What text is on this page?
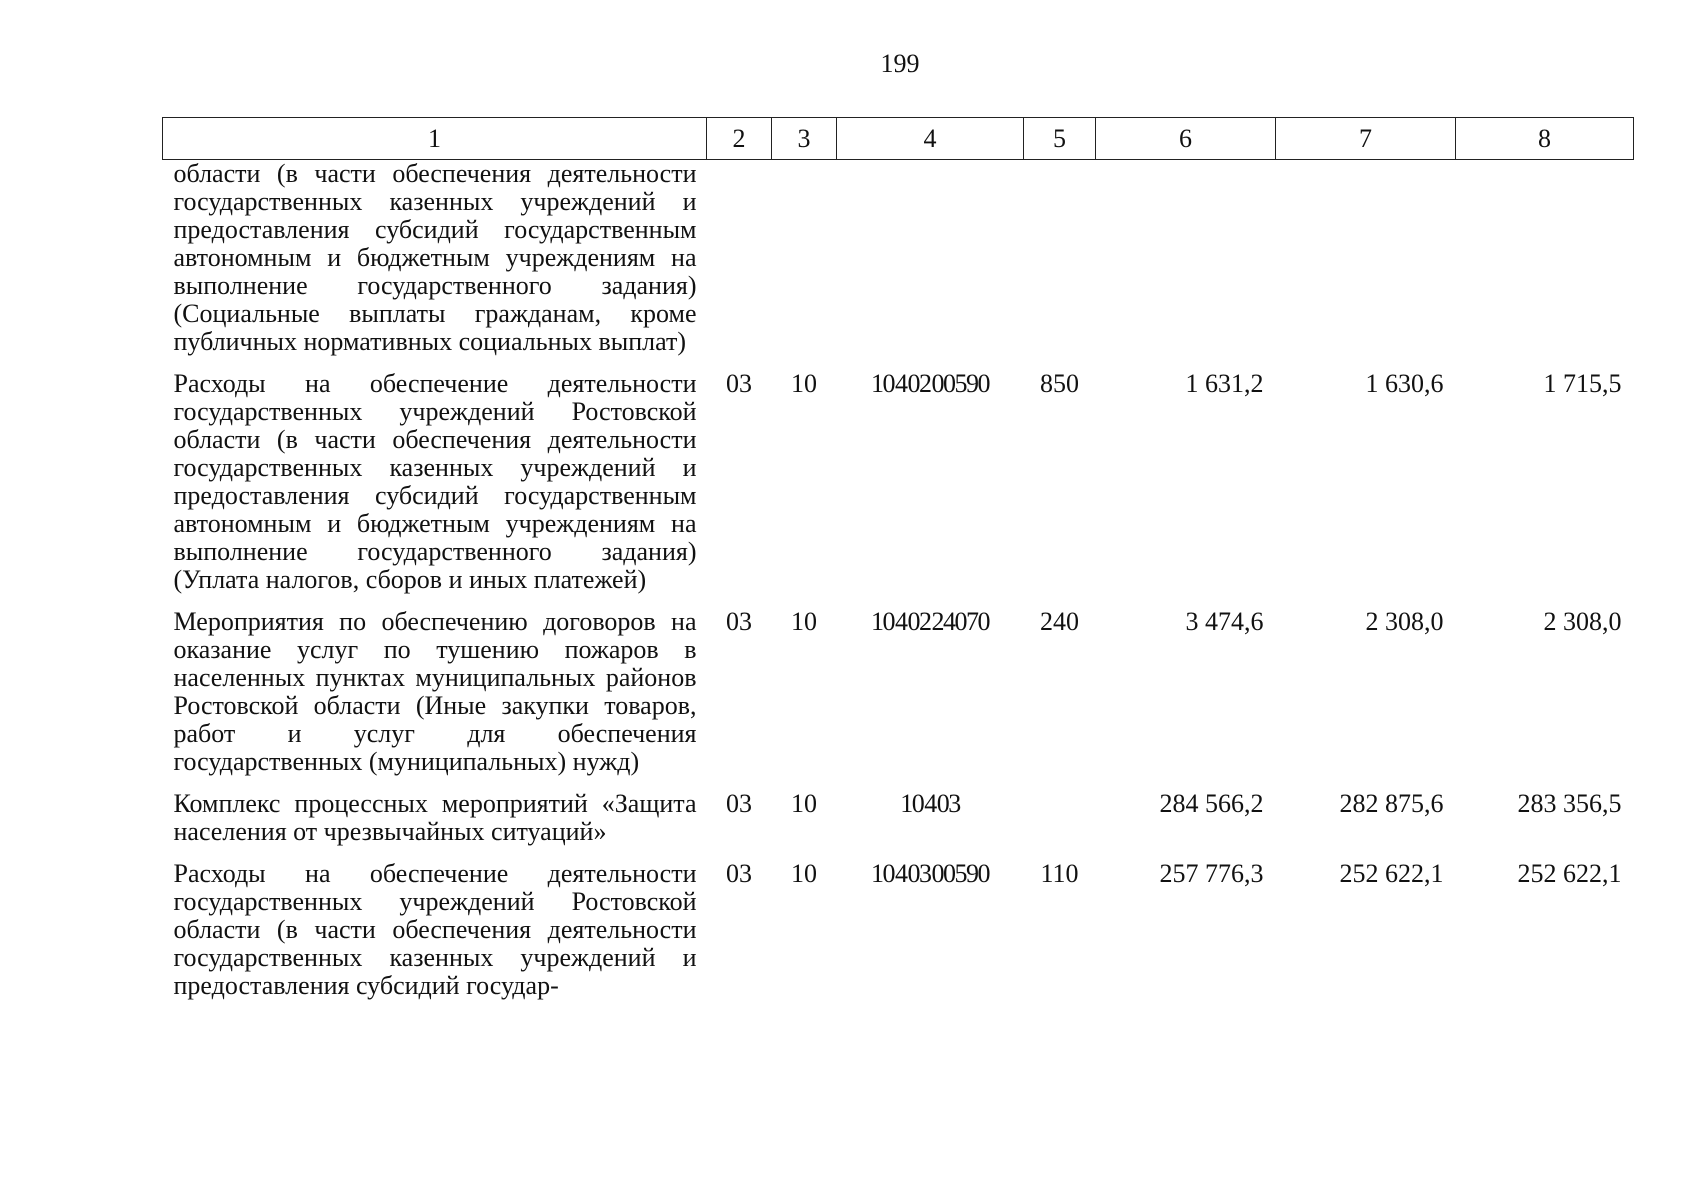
199
1	2	3	4	5	6	7	8
области (в части обеспечения деятельности государственных казенных учреждений и предоставления субсидий государственным автономным и бюджетным учреждениям на выполнение государственного задания) (Социальные выплаты гражданам, кроме публичных нормативных социальных выплат)							
Расходы на обеспечение деятельности государственных учреждений Ростовской области (в части обеспечения деятельности государственных казенных учреждений и предоставления субсидий государственным автономным и бюджетным учреждениям на выполнение государственного задания) (Уплата налогов, сборов и иных платежей)	03	10	10 4 02 00590	850	1 631,2	1 630,6	1 715,5
Мероприятия по обеспечению договоров на оказание услуг по тушению пожаров в населенных пунктах муниципальных районов Ростовской области (Иные закупки товаров, работ и услуг для обеспечения государственных (муниципальных) нужд)	03	10	10 4 02 24070	240	3 474,6	2 308,0	2 308,0
Комплекс процессных мероприятий «Защита населения от чрезвычайных ситуаций»	03	10	10 4 03		284 566,2	282 875,6	283 356,5
Расходы на обеспечение деятельности государственных учреждений Ростовской области (в части обеспечения деятельности государственных казенных учреждений и предоставления субсидий государ-	03	10	10 4 03 00590	110	257 776,3	252 622,1	252 622,1
